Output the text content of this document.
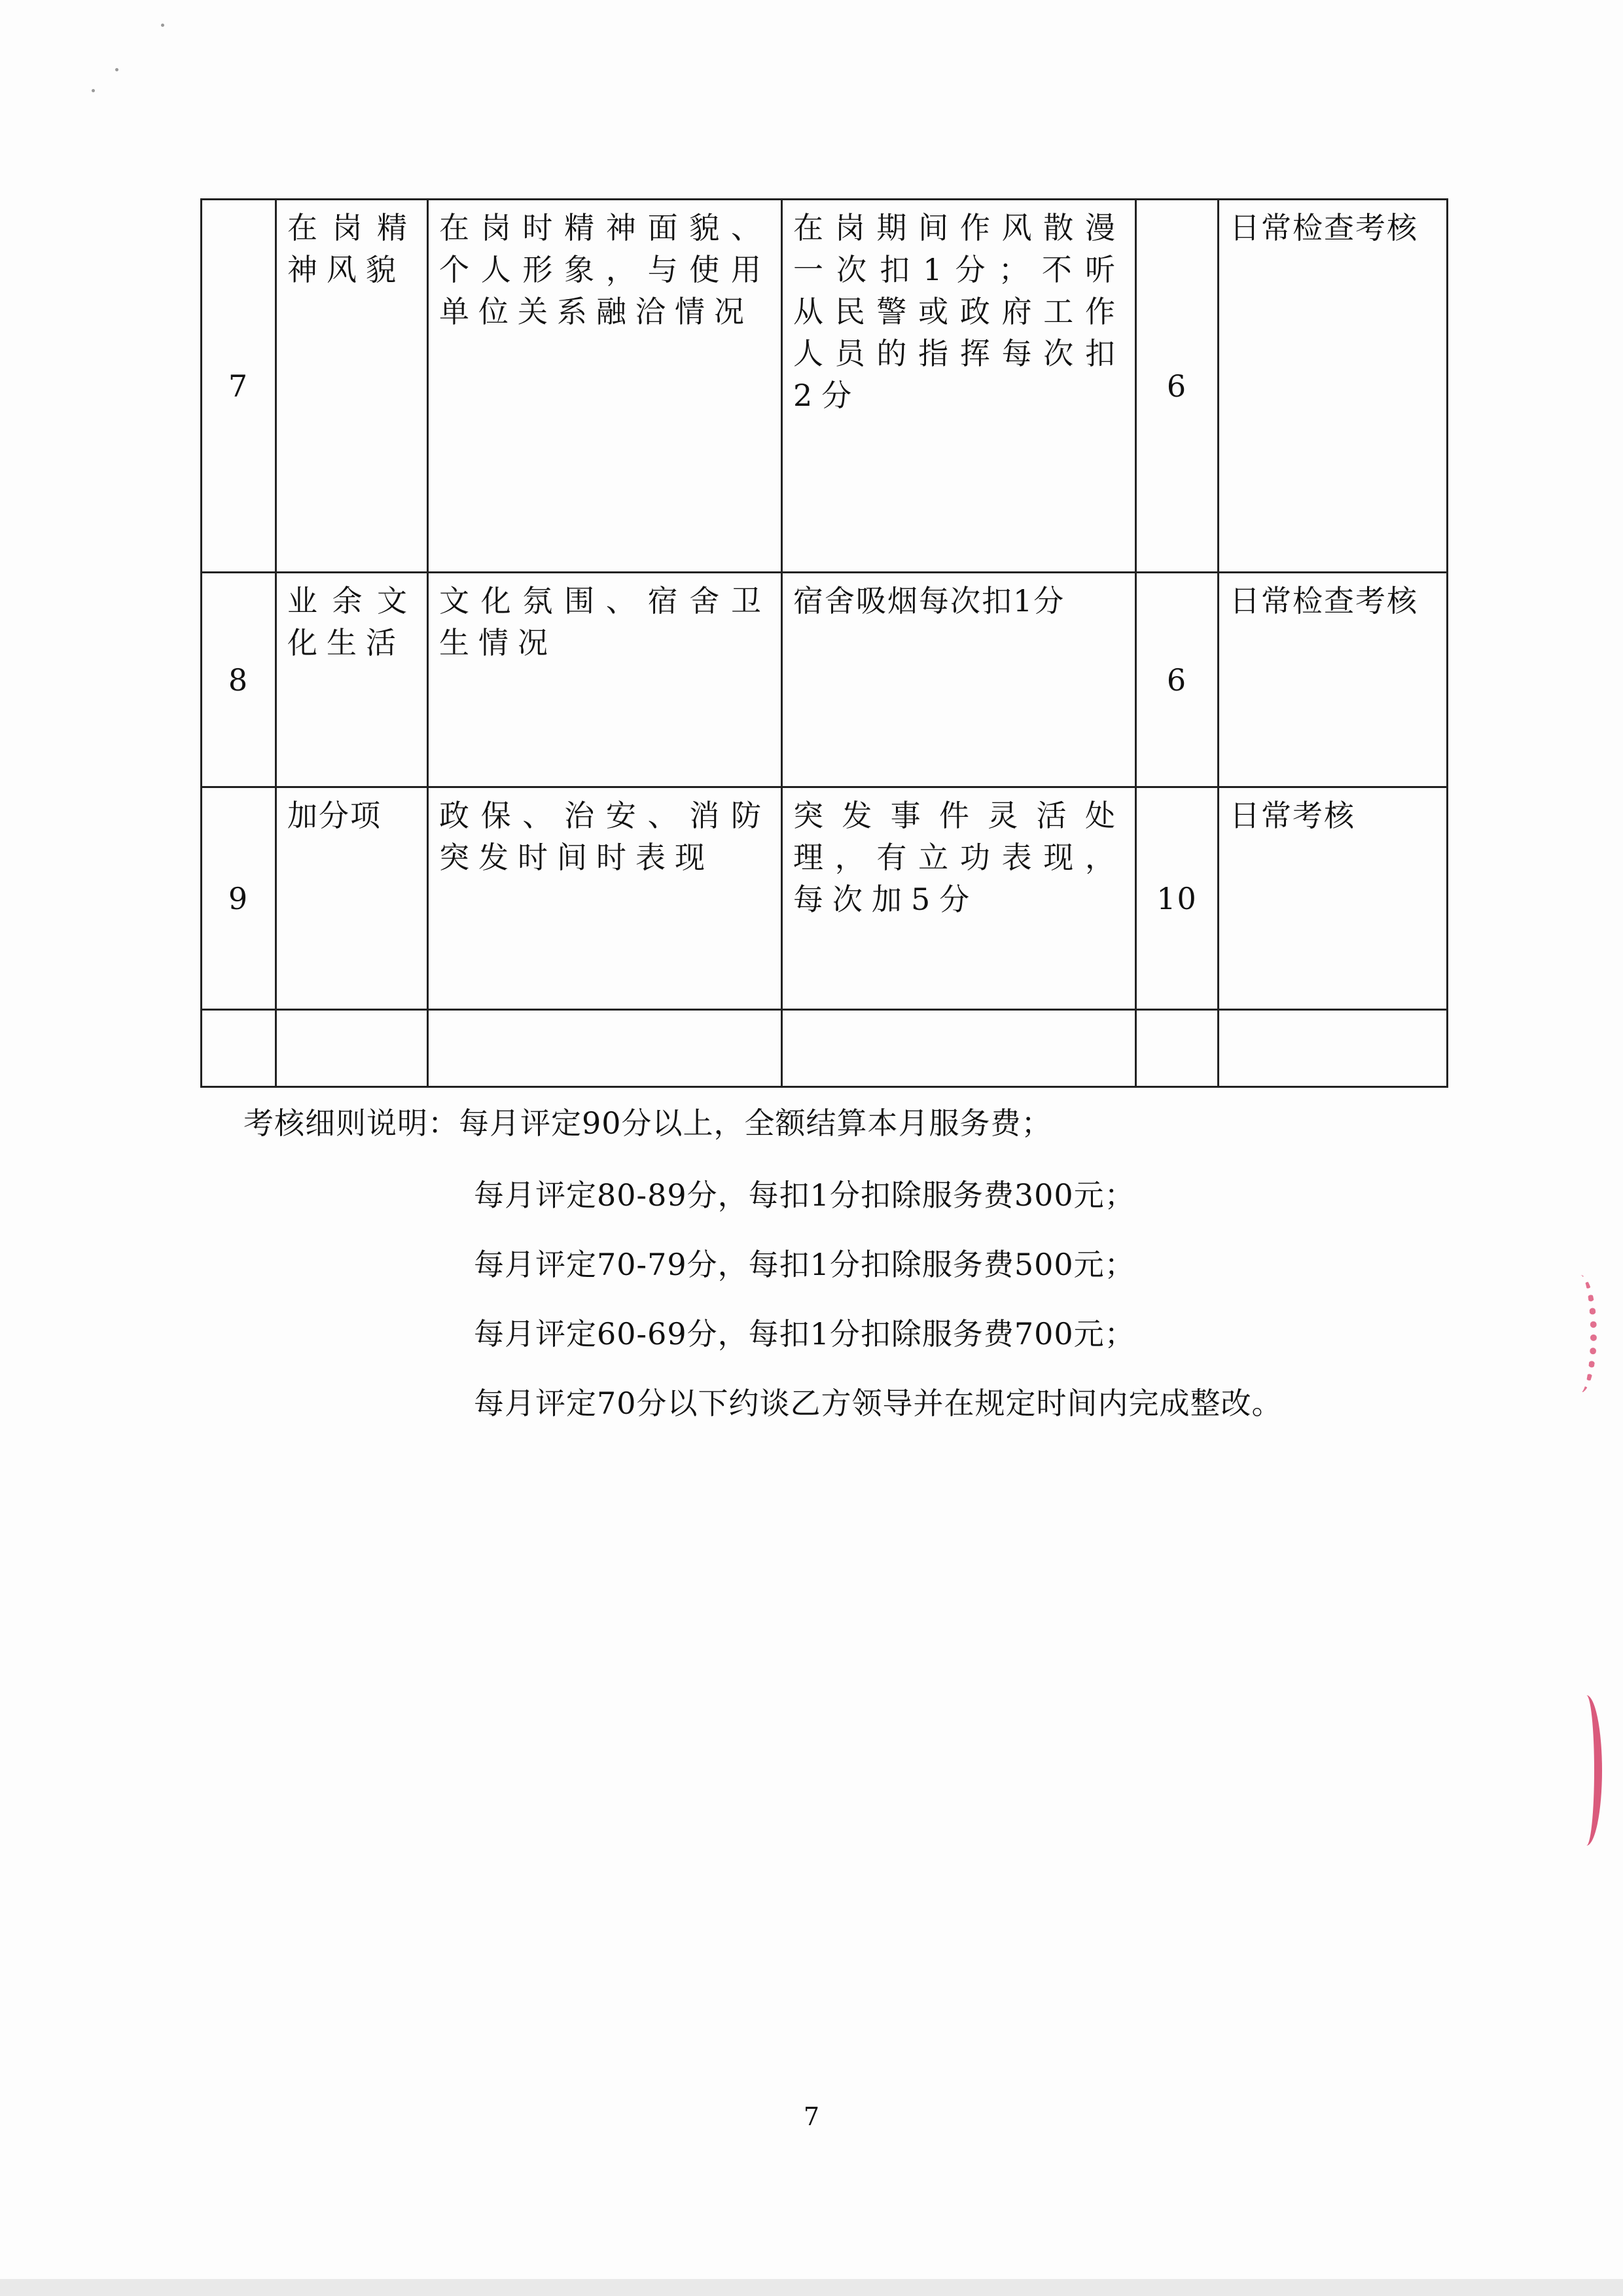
7	在岗精神风貌	在岗时精神面貌、个人形象，与使用单位关系融洽情况	在岗期间作风散漫一次扣1分；不听从民警或政府工作人员的指挥每次扣2分	6	日常检查考核
8	业余文化生活	文化氛围、宿舍卫生情况	宿舍吸烟每次扣1分	6	日常检查考核
9	加分项	政保、治安、消防突发时间时表现	突发事件灵活处理，有立功表现，每次加5分	10	日常考核

考核细则说明：每月评定90分以上，全额结算本月服务费；
每月评定80-89分，每扣1分扣除服务费300元；
每月评定70-79分，每扣1分扣除服务费500元；
每月评定60-69分，每扣1分扣除服务费700元；
每月评定70分以下约谈乙方领导并在规定时间内完成整改。
7
